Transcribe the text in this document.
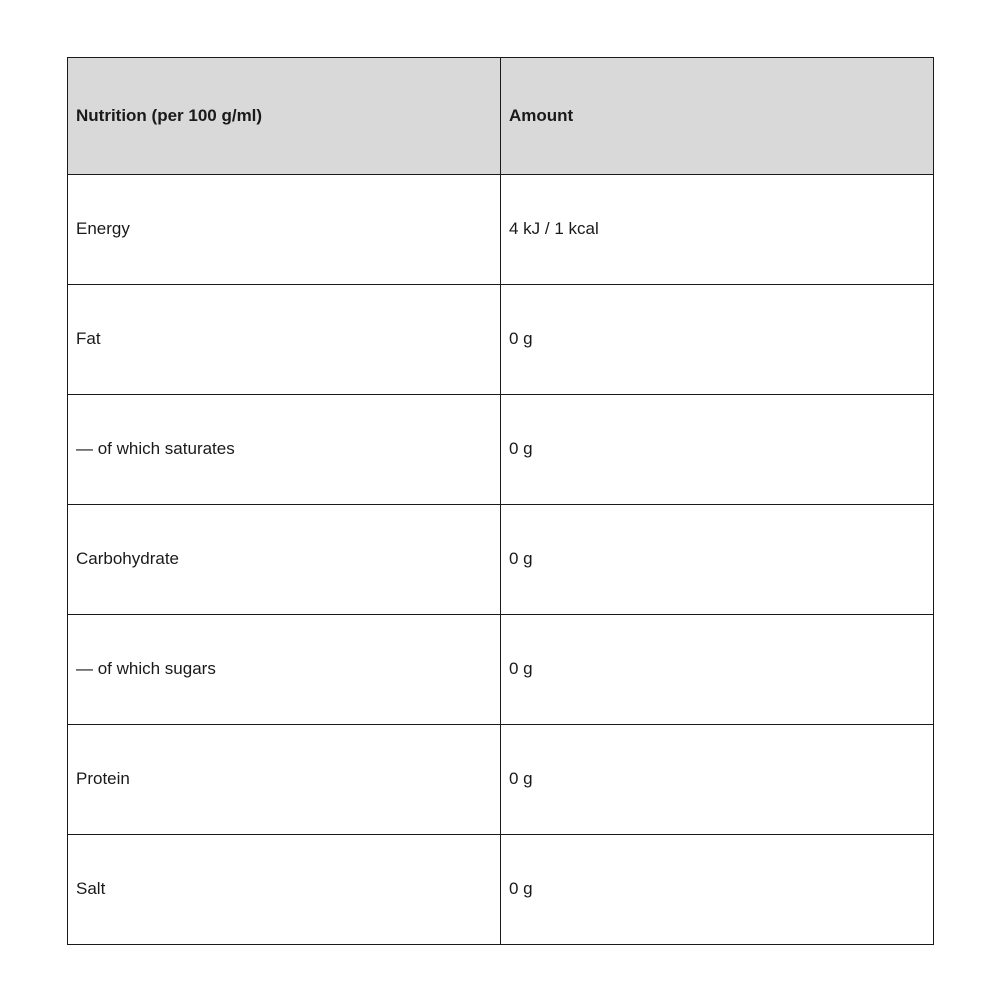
Nutrition (per 100 g/ml)	Amount
Energy	4 kJ / 1 kcal
Fat	0 g
— of which saturates	0 g
Carbohydrate	0 g
— of which sugars	0 g
Protein	0 g
Salt	0 g
